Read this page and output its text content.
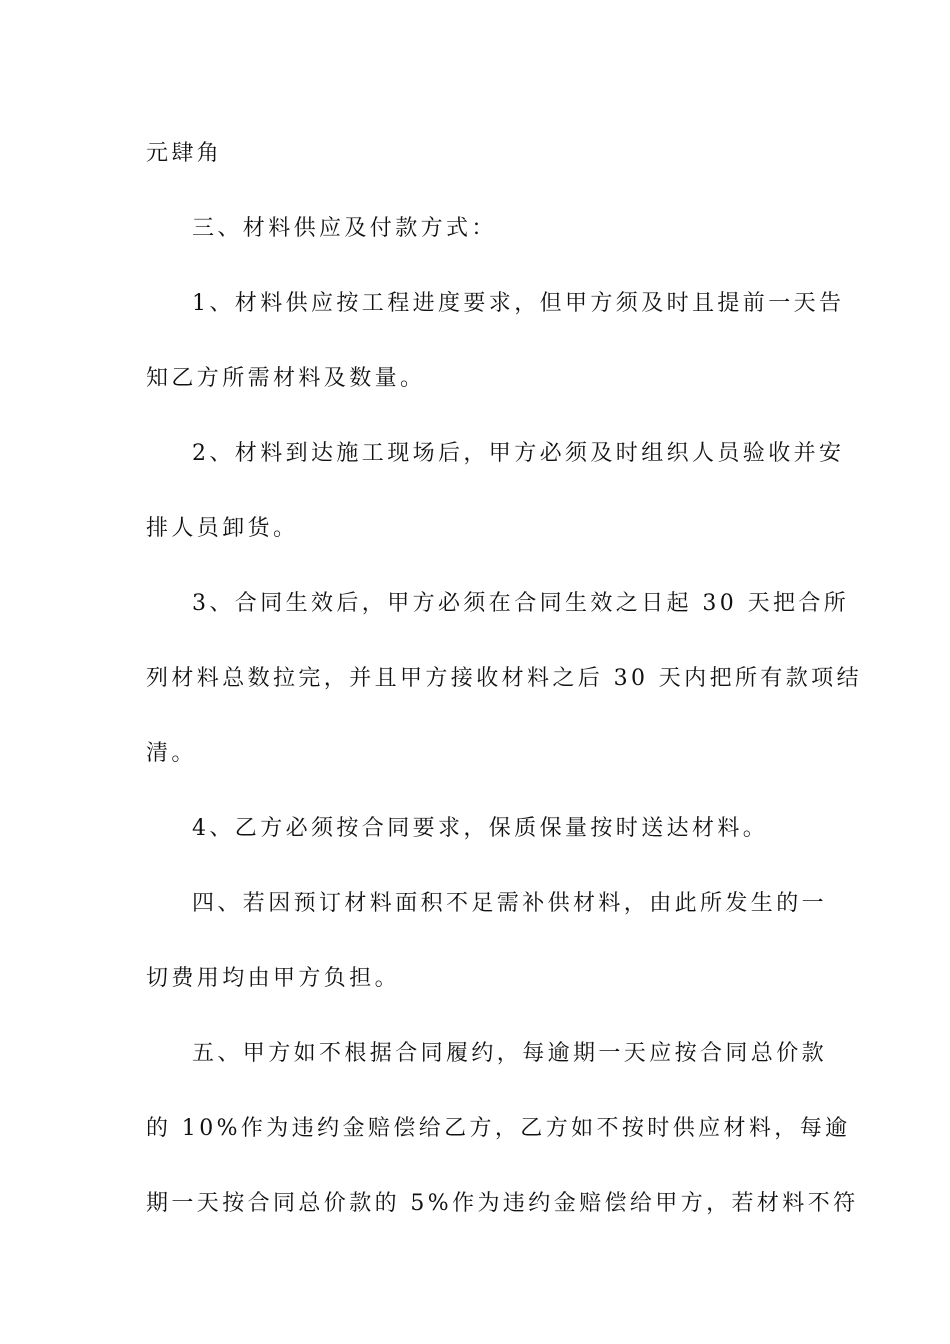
元肆角
三、材料供应及付款方式：
1、材料供应按工程进度要求，但甲方须及时且提前一天告
知乙方所需材料及数量。
2、材料到达施工现场后，甲方必须及时组织人员验收并安
排人员卸货。
3、合同生效后，甲方必须在合同生效之日起 30 天把合所
列材料总数拉完，并且甲方接收材料之后 30 天内把所有款项结
清。
4、乙方必须按合同要求，保质保量按时送达材料。
四、若因预订材料面积不足需补供材料，由此所发生的一
切费用均由甲方负担。
五、甲方如不根据合同履约，每逾期一天应按合同总价款
的 10%作为违约金赔偿给乙方，乙方如不按时供应材料，每逾
期一天按合同总价款的 5%作为违约金赔偿给甲方，若材料不符
